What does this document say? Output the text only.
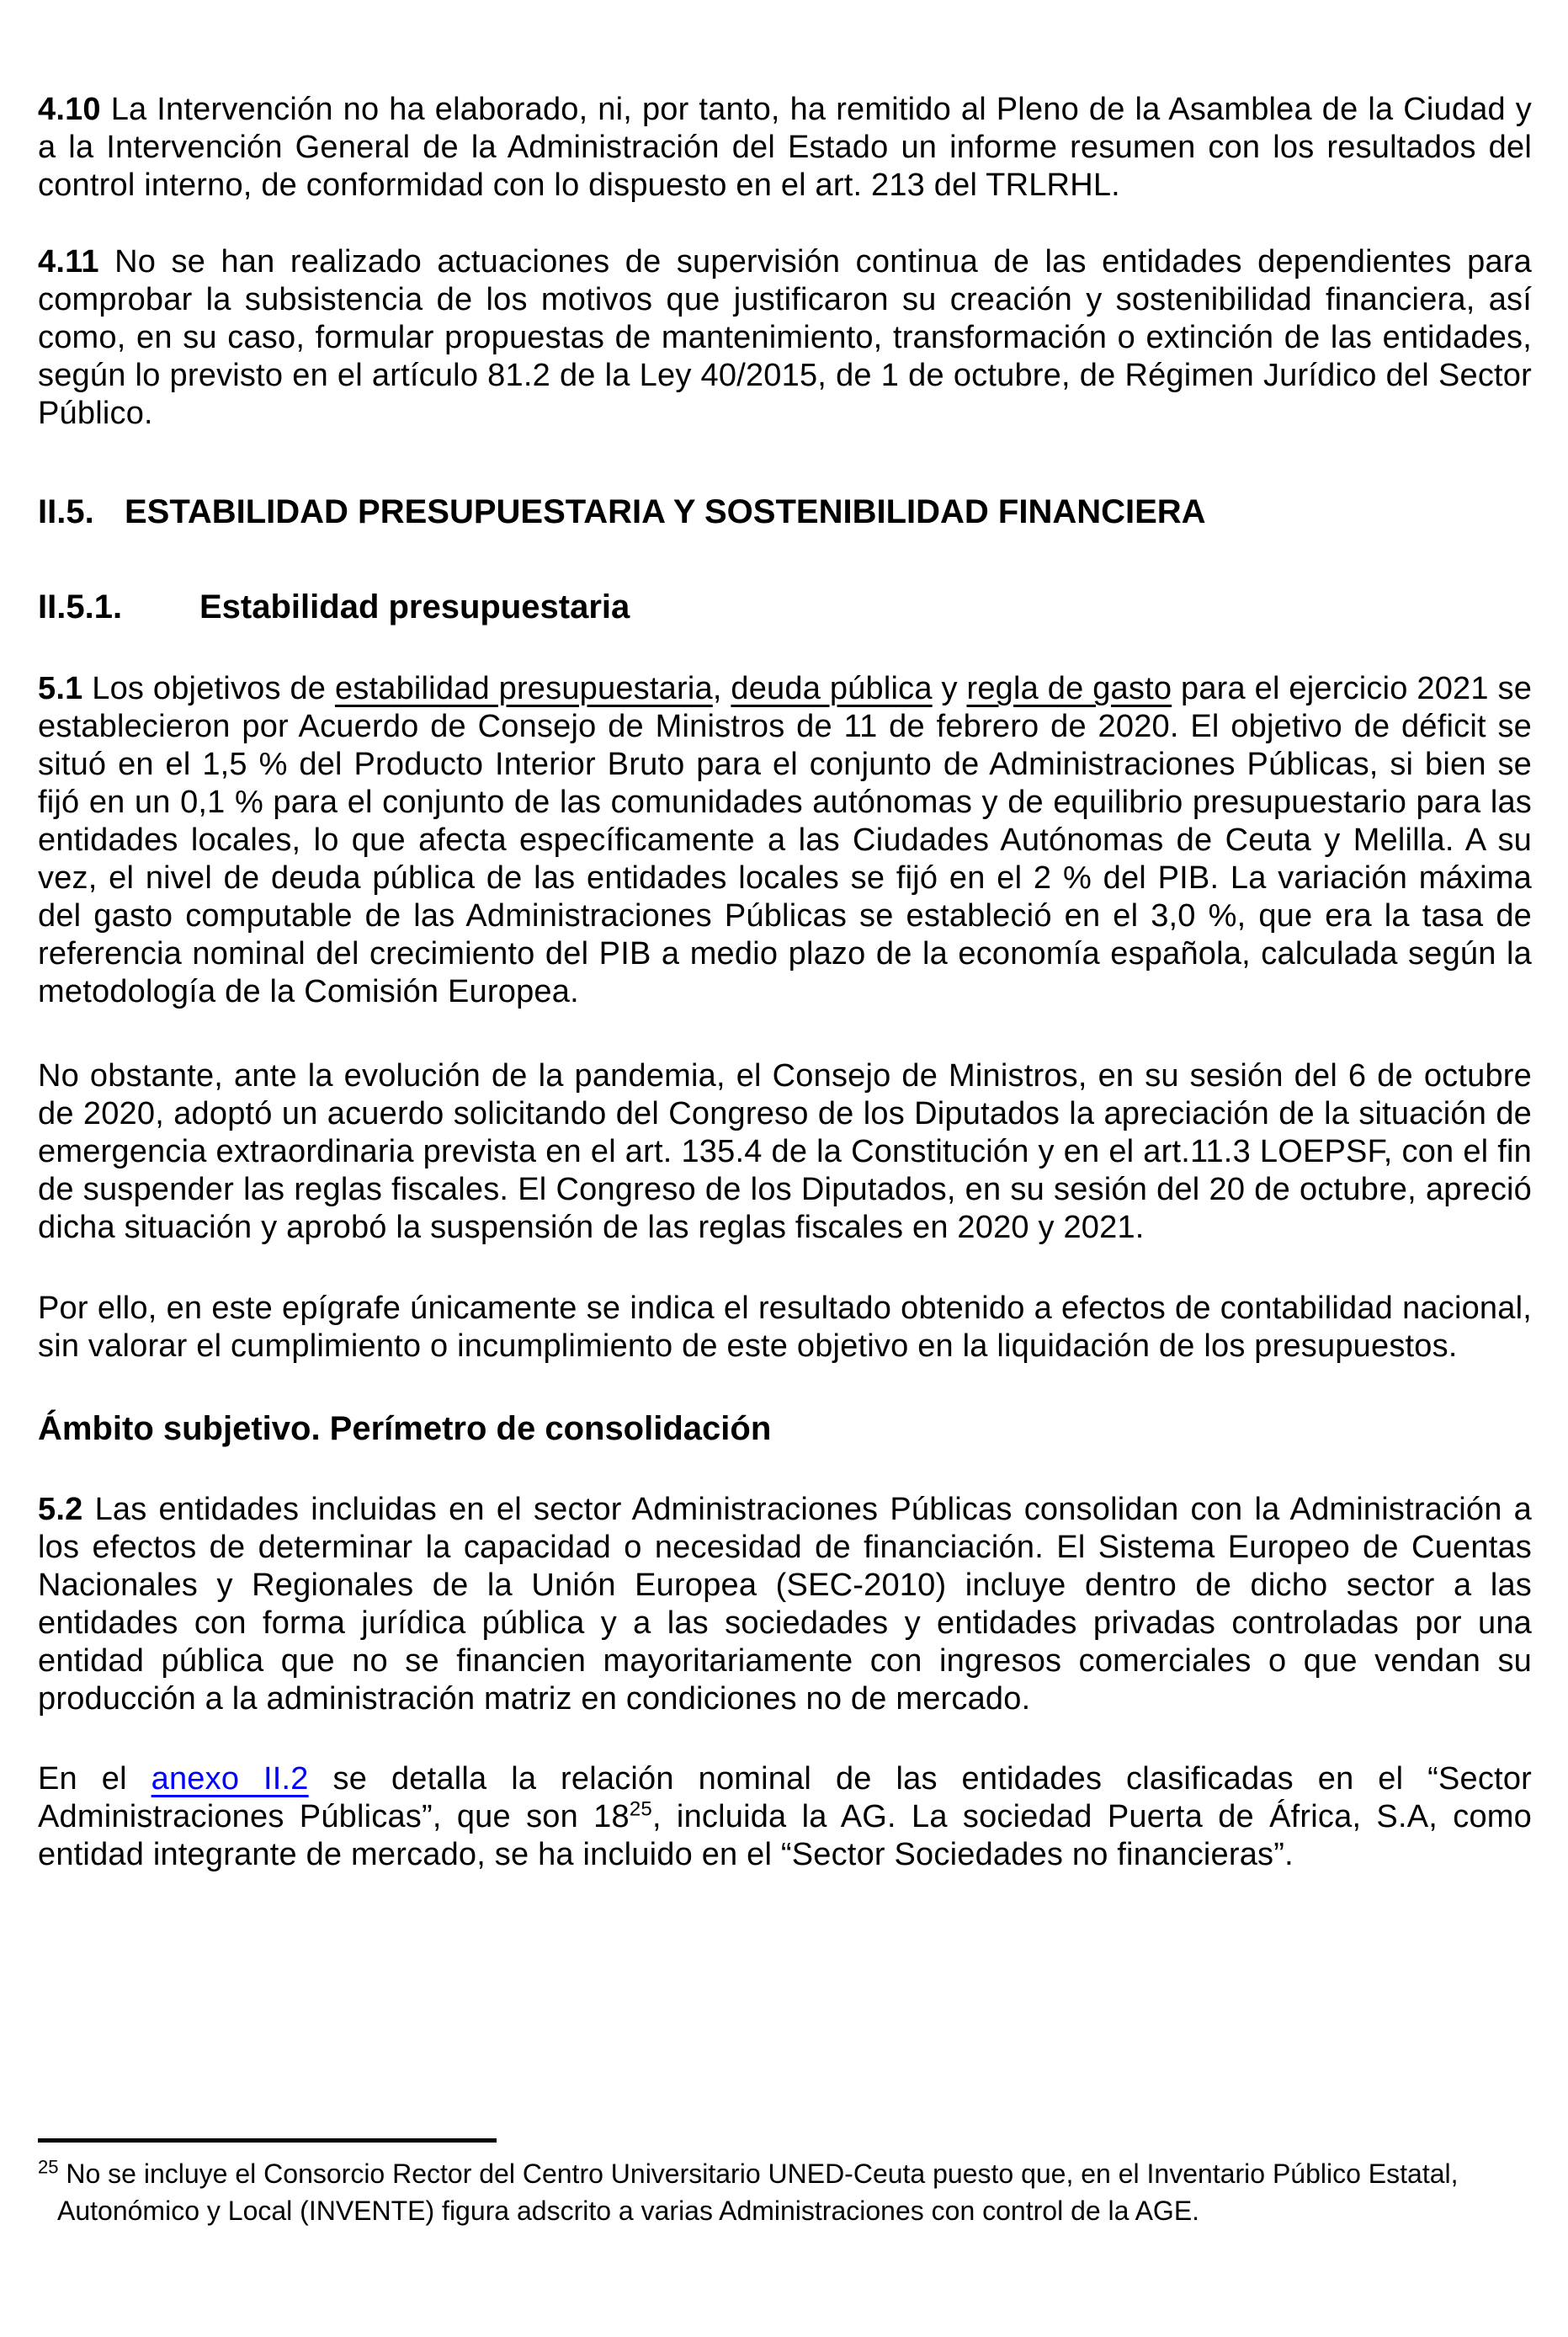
4.10 La Intervención no ha elaborado, ni, por tanto, ha remitido al Pleno de la Asamblea de la Ciudad y a la Intervención General de la Administración del Estado un informe resumen con los resultados del control interno, de conformidad con lo dispuesto en el art. 213 del TRLRHL.

4.11 No se han realizado actuaciones de supervisión continua de las entidades dependientes para comprobar la subsistencia de los motivos que justificaron su creación y sostenibilidad financiera, así como, en su caso, formular propuestas de mantenimiento, transformación o extinción de las entidades, según lo previsto en el artículo 81.2 de la Ley 40/2015, de 1 de octubre, de Régimen Jurídico del Sector Público.

II.5. ESTABILIDAD PRESUPUESTARIA Y SOSTENIBILIDAD FINANCIERA

II.5.1. Estabilidad presupuestaria

5.1 Los objetivos de estabilidad presupuestaria, deuda pública y regla de gasto para el ejercicio 2021 se establecieron por Acuerdo de Consejo de Ministros de 11 de febrero de 2020. El objetivo de déficit se situó en el 1,5 % del Producto Interior Bruto para el conjunto de Administraciones Públicas, si bien se fijó en un 0,1 % para el conjunto de las comunidades autónomas y de equilibrio presupuestario para las entidades locales, lo que afecta específicamente a las Ciudades Autónomas de Ceuta y Melilla. A su vez, el nivel de deuda pública de las entidades locales se fijó en el 2 % del PIB. La variación máxima del gasto computable de las Administraciones Públicas se estableció en el 3,0 %, que era la tasa de referencia nominal del crecimiento del PIB a medio plazo de la economía española, calculada según la metodología de la Comisión Europea.

No obstante, ante la evolución de la pandemia, el Consejo de Ministros, en su sesión del 6 de octubre de 2020, adoptó un acuerdo solicitando del Congreso de los Diputados la apreciación de la situación de emergencia extraordinaria prevista en el art. 135.4 de la Constitución y en el art.11.3 LOEPSF, con el fin de suspender las reglas fiscales. El Congreso de los Diputados, en su sesión del 20 de octubre, apreció dicha situación y aprobó la suspensión de las reglas fiscales en 2020 y 2021.

Por ello, en este epígrafe únicamente se indica el resultado obtenido a efectos de contabilidad nacional, sin valorar el cumplimiento o incumplimiento de este objetivo en la liquidación de los presupuestos.

Ámbito subjetivo. Perímetro de consolidación

5.2 Las entidades incluidas en el sector Administraciones Públicas consolidan con la Administración a los efectos de determinar la capacidad o necesidad de financiación. El Sistema Europeo de Cuentas Nacionales y Regionales de la Unión Europea (SEC-2010) incluye dentro de dicho sector a las entidades con forma jurídica pública y a las sociedades y entidades privadas controladas por una entidad pública que no se financien mayoritariamente con ingresos comerciales o que vendan su producción a la administración matriz en condiciones no de mercado.

En el anexo II.2 se detalla la relación nominal de las entidades clasificadas en el “Sector Administraciones Públicas”, que son $18^{25}$, incluida la AG. La sociedad Puerta de África, S.A, como entidad integrante de mercado, se ha incluido en el “Sector Sociedades no financieras”.

$^{25}$ No se incluye el Consorcio Rector del Centro Universitario UNED-Ceuta puesto que, en el Inventario Público Estatal, Autonómico y Local (INVENTE) figura adscrito a varias Administraciones con control de la AGE.
